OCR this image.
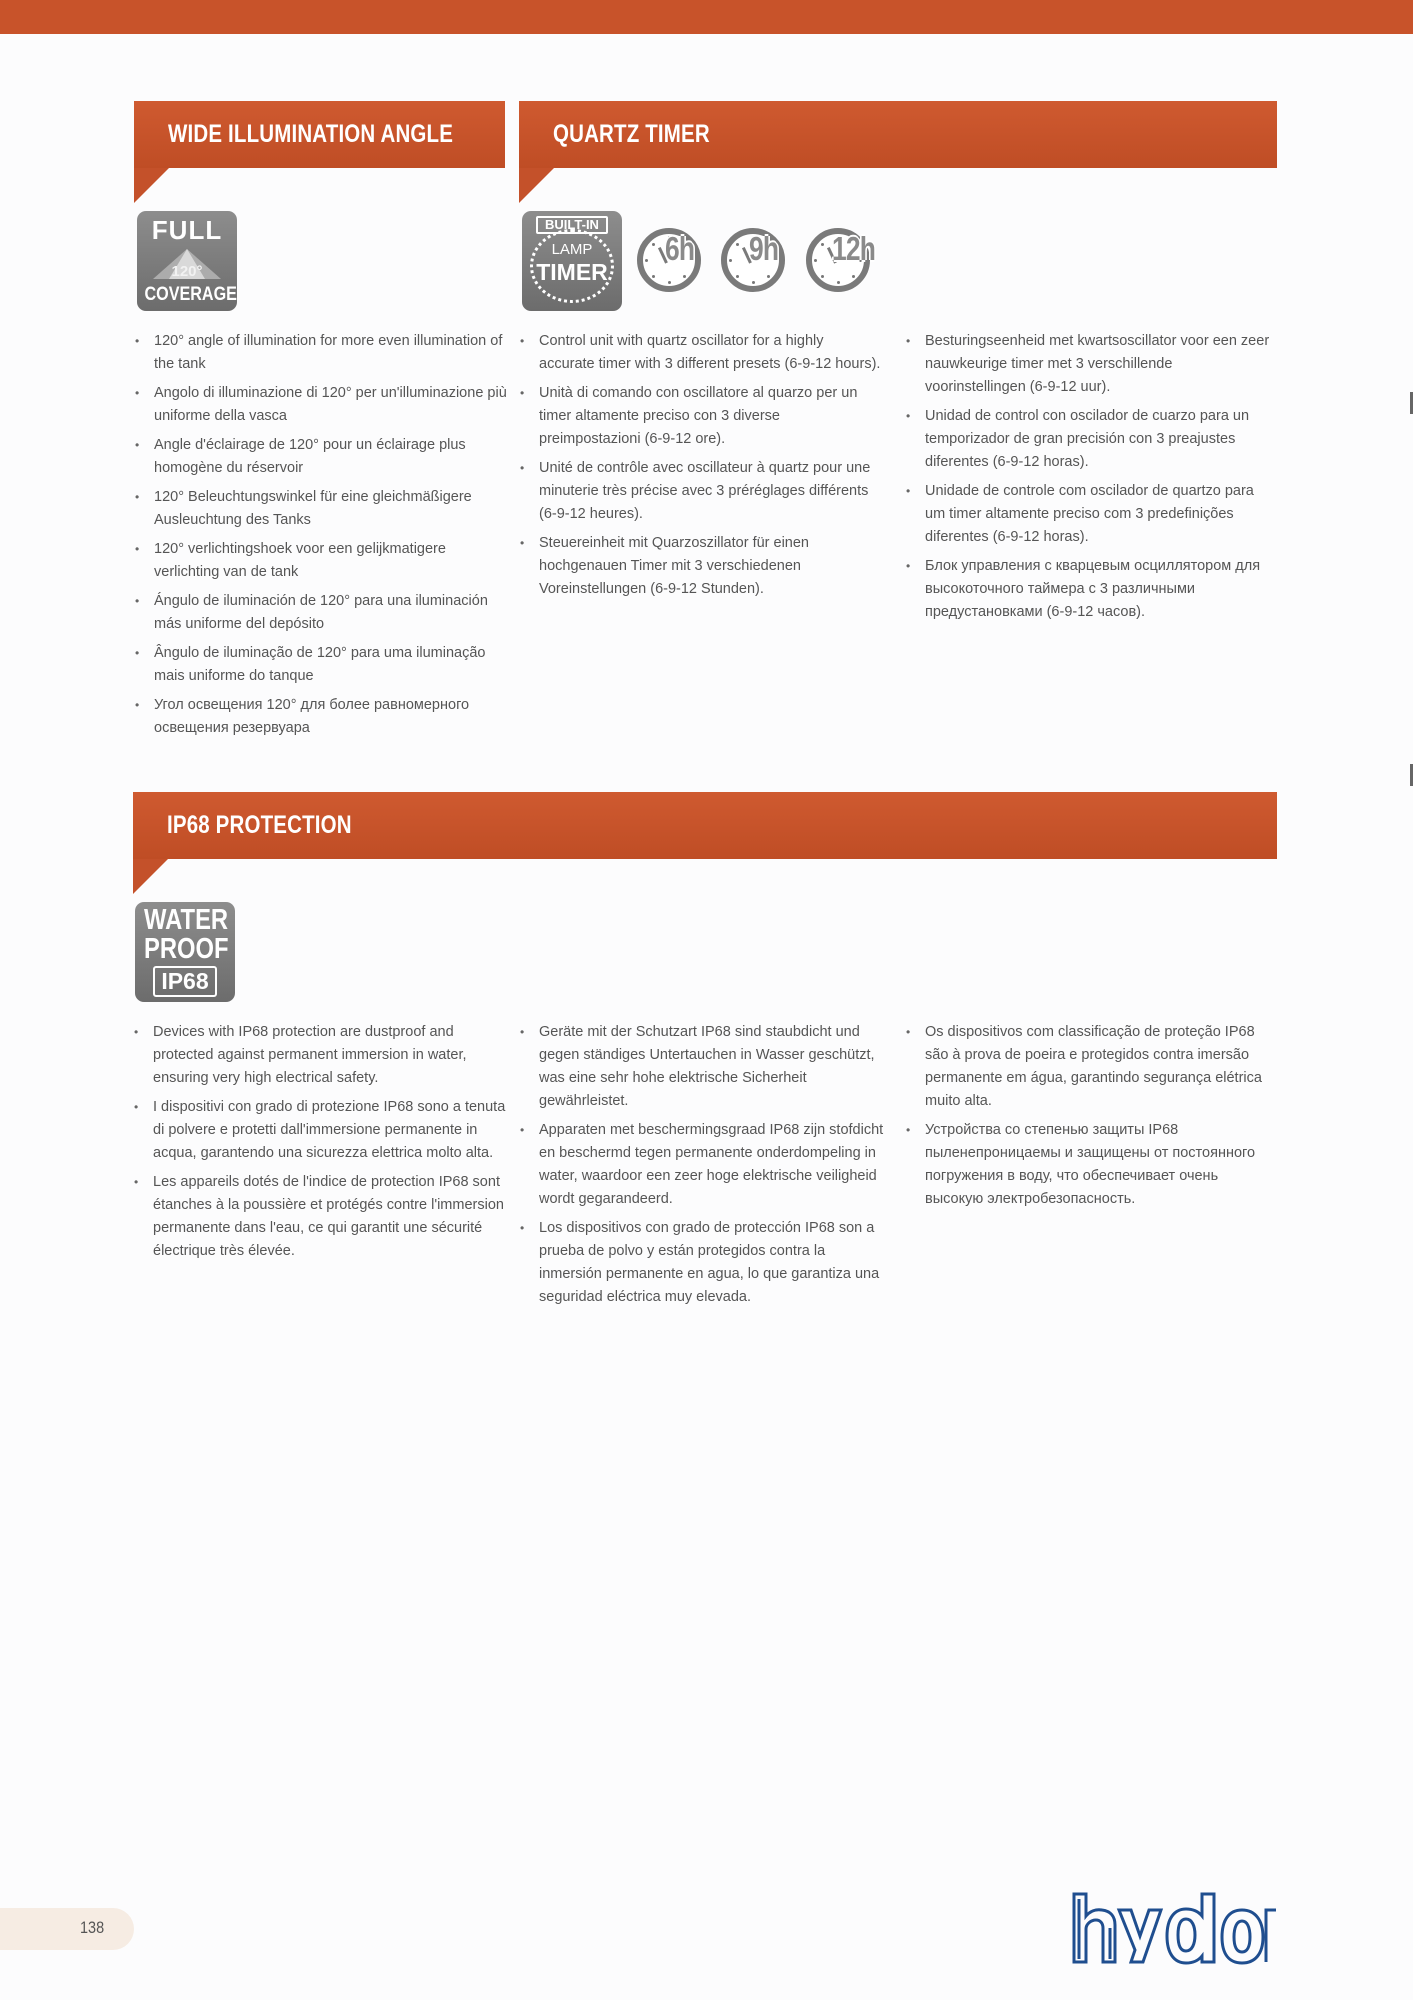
WIDE ILLUMINATION ANGLE
FULL
120°
COVERAGE
• 120° angle of illumination for more even illumination of the tank
• Angolo di illuminazione di 120° per un'illuminazione più uniforme della vasca
• Angle d'éclairage de 120° pour un éclairage plus homogène du réservoir
• 120° Beleuchtungswinkel für eine gleichmäßigere Ausleuchtung des Tanks
• 120° verlichtingshoek voor een gelijkmatigere verlichting van de tank
• Ángulo de iluminación de 120° para una iluminación más uniforme del depósito
• Ângulo de iluminação de 120° para uma iluminação mais uniforme do tanque
• Угол освещения 120° для более равномерного освещения резервуара
QUARTZ TIMER
BUILT-IN
LAMP
TIMER
6h 9h 12h
• Control unit with quartz oscillator for a highly accurate timer with 3 different presets (6-9-12 hours).
• Unità di comando con oscillatore al quarzo per un timer altamente preciso con 3 diverse preimpostazioni (6-9-12 ore).
• Unité de contrôle avec oscillateur à quartz pour une minuterie très précise avec 3 préréglages différents (6-9-12 heures).
• Steuereinheit mit Quarzoszillator für einen hochgenauen Timer mit 3 verschiedenen Voreinstellungen (6-9-12 Stunden).
• Besturingseenheid met kwartsoscillator voor een zeer nauwkeurige timer met 3 verschillende voorinstellingen (6-9-12 uur).
• Unidad de control con oscilador de cuarzo para un temporizador de gran precisión con 3 preajustes diferentes (6-9-12 horas).
• Unidade de controle com oscilador de quartzo para um timer altamente preciso com 3 predefinições diferentes (6-9-12 horas).
• Блок управления с кварцевым осциллятором для высокоточного таймера с 3 различными предустановками (6-9-12 часов).
IP68 PROTECTION
WATER
PROOF
IP68
• Devices with IP68 protection are dustproof and protected against permanent immersion in water, ensuring very high electrical safety.
• I dispositivi con grado di protezione IP68 sono a tenuta di polvere e protetti dall'immersione permanente in acqua, garantendo una sicurezza elettrica molto alta.
• Les appareils dotés de l'indice de protection IP68 sont étanches à la poussière et protégés contre l'immersion permanente dans l'eau, ce qui garantit une sécurité électrique très élevée.
• Geräte mit der Schutzart IP68 sind staubdicht und gegen ständiges Untertauchen in Wasser geschützt, was eine sehr hohe elektrische Sicherheit gewährleistet.
• Apparaten met beschermingsgraad IP68 zijn stofdicht en beschermd tegen permanente onderdompeling in water, waardoor een zeer hoge elektrische veiligheid wordt gegarandeerd.
• Los dispositivos con grado de protección IP68 son a prueba de polvo y están protegidos contra la inmersión permanente en agua, lo que garantiza una seguridad eléctrica muy elevada.
• Os dispositivos com classificação de proteção IP68 são à prova de poeira e protegidos contra imersão permanente em água, garantindo segurança elétrica muito alta.
• Устройства со степенью защиты IP68 пыленепроницаемы и защищены от постоянного погружения в воду, что обеспечивает очень высокую электробезопасность.
138
hydor
